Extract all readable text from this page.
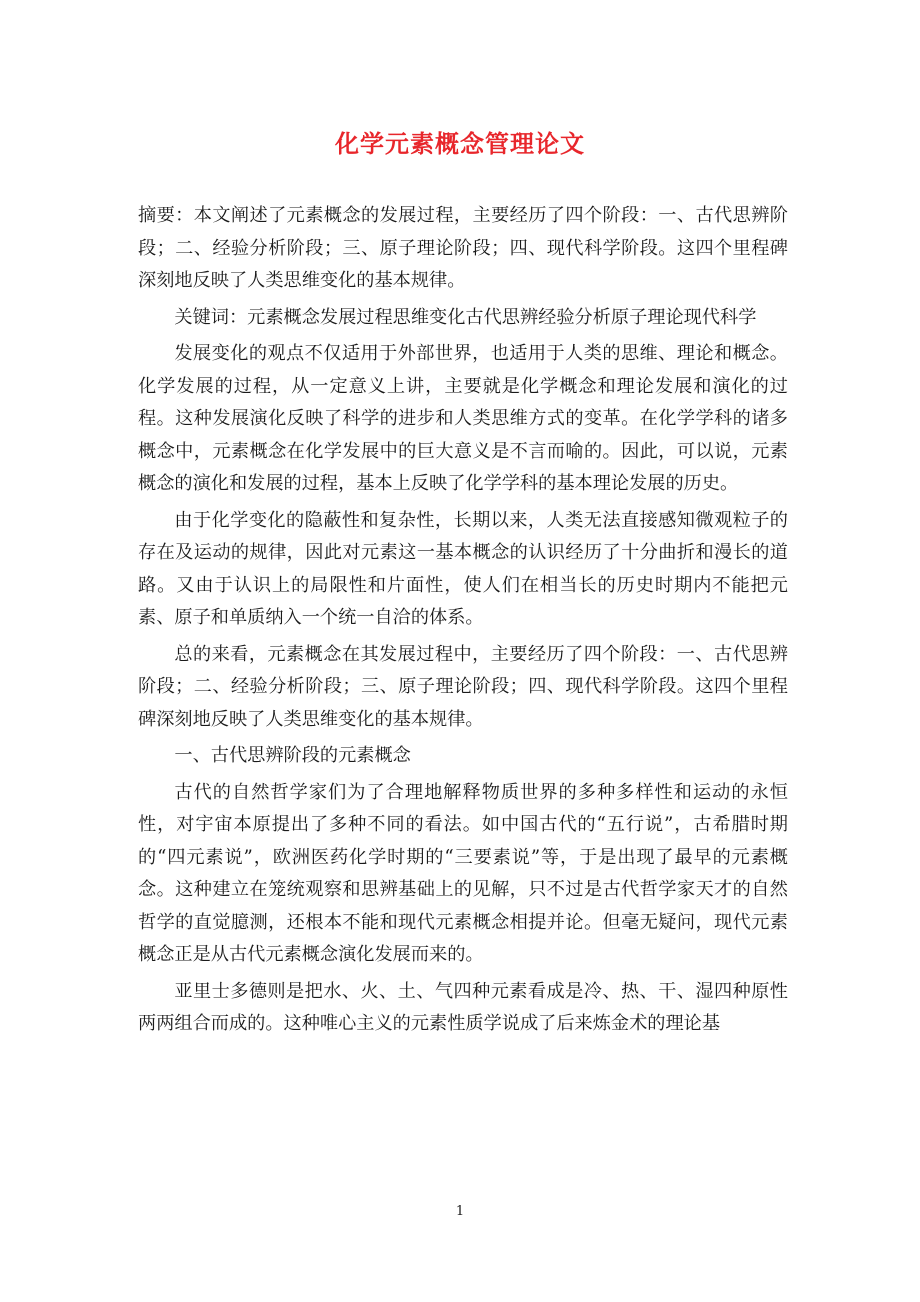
化学元素概念管理论文

摘要：本文阐述了元素概念的发展过程，主要经历了四个阶段：一、古代思辨阶段；二、经验分析阶段；三、原子理论阶段；四、现代科学阶段。这四个里程碑深刻地反映了人类思维变化的基本规律。

关键词：元素概念发展过程思维变化古代思辨经验分析原子理论现代科学

发展变化的观点不仅适用于外部世界，也适用于人类的思维、理论和概念。化学发展的过程，从一定意义上讲，主要就是化学概念和理论发展和演化的过程。这种发展演化反映了科学的进步和人类思维方式的变革。在化学学科的诸多概念中，元素概念在化学发展中的巨大意义是不言而喻的。因此，可以说，元素概念的演化和发展的过程，基本上反映了化学学科的基本理论发展的历史。

由于化学变化的隐蔽性和复杂性，长期以来，人类无法直接感知微观粒子的存在及运动的规律，因此对元素这一基本概念的认识经历了十分曲折和漫长的道路。又由于认识上的局限性和片面性，使人们在相当长的历史时期内不能把元素、原子和单质纳入一个统一自洽的体系。

总的来看，元素概念在其发展过程中，主要经历了四个阶段：一、古代思辨阶段；二、经验分析阶段；三、原子理论阶段；四、现代科学阶段。这四个里程碑深刻地反映了人类思维变化的基本规律。

一、古代思辨阶段的元素概念

古代的自然哲学家们为了合理地解释物质世界的多种多样性和运动的永恒性，对宇宙本原提出了多种不同的看法。如中国古代的“五行说”，古希腊时期的“四元素说”，欧洲医药化学时期的“三要素说”等，于是出现了最早的元素概念。这种建立在笼统观察和思辨基础上的见解，只不过是古代哲学家天才的自然哲学的直觉臆测，还根本不能和现代元素概念相提并论。但毫无疑问，现代元素概念正是从古代元素概念演化发展而来的。

亚里士多德则是把水、火、土、气四种元素看成是冷、热、干、湿四种原性两两组合而成的。这种唯心主义的元素性质学说成了后来炼金术的理论基

1
